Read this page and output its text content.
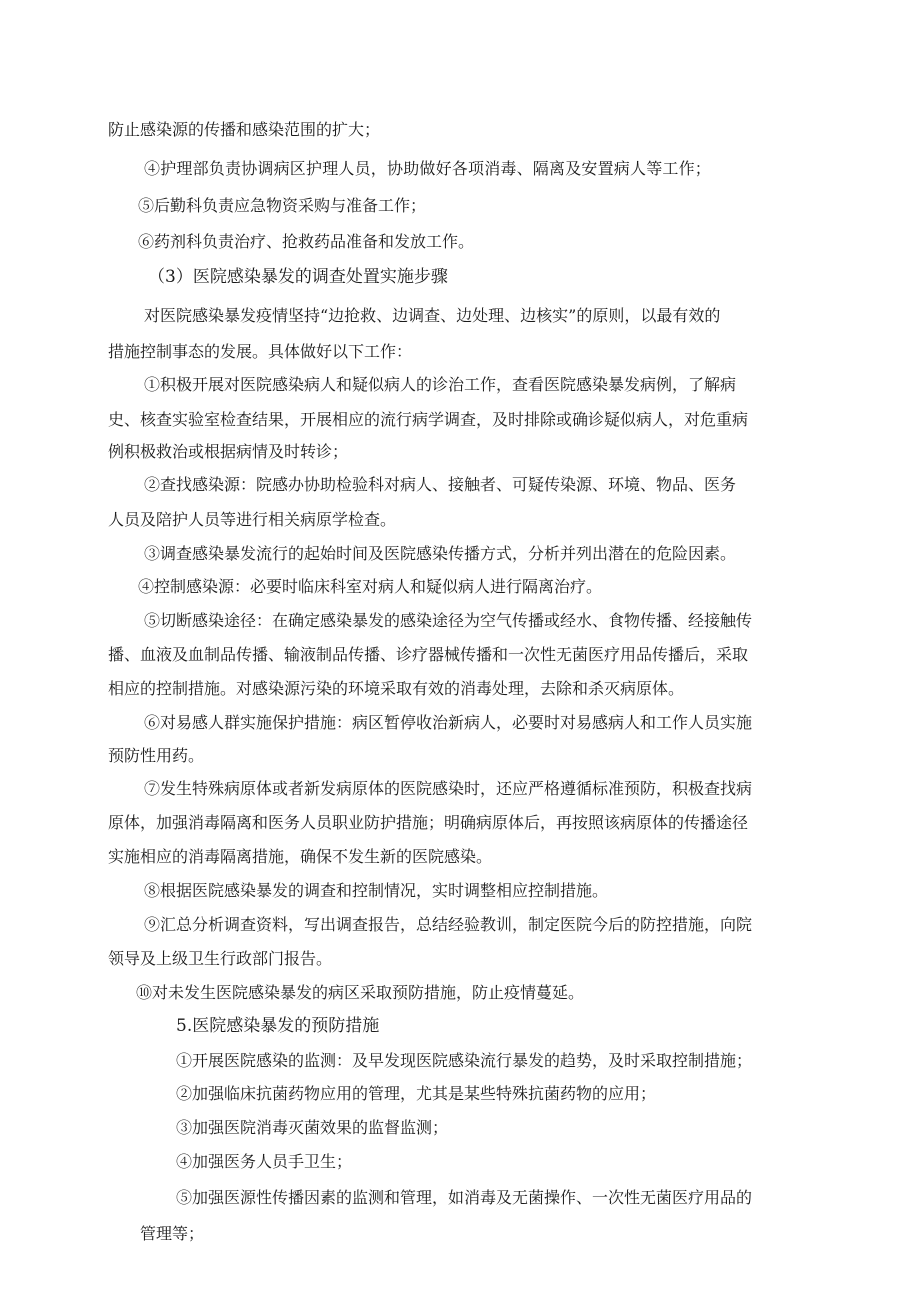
防止感染源的传播和感染范围的扩大；
④护理部负责协调病区护理人员，协助做好各项消毒、隔离及安置病人等工作；
⑤后勤科负责应急物资采购与准备工作；
⑥药剂科负责治疗、抢救药品准备和发放工作。
（3）医院感染暴发的调查处置实施步骤
对医院感染暴发疫情坚持“边抢救、边调查、边处理、边核实”的原则，以最有效的
措施控制事态的发展。具体做好以下工作：
①积极开展对医院感染病人和疑似病人的诊治工作，查看医院感染暴发病例，了解病
史、核查实验室检查结果，开展相应的流行病学调查，及时排除或确诊疑似病人，对危重病
例积极救治或根据病情及时转诊；
②查找感染源：院感办协助检验科对病人、接触者、可疑传染源、环境、物品、医务
人员及陪护人员等进行相关病原学检查。
③调查感染暴发流行的起始时间及医院感染传播方式，分析并列出潜在的危险因素。
④控制感染源：必要时临床科室对病人和疑似病人进行隔离治疗。
⑤切断感染途径：在确定感染暴发的感染途径为空气传播或经水、食物传播、经接触传
播、血液及血制品传播、输液制品传播、诊疗器械传播和一次性无菌医疗用品传播后，采取
相应的控制措施。对感染源污染的环境采取有效的消毒处理，去除和杀灭病原体。
⑥对易感人群实施保护措施：病区暂停收治新病人，必要时对易感病人和工作人员实施
预防性用药。
⑦发生特殊病原体或者新发病原体的医院感染时，还应严格遵循标准预防，积极查找病
原体，加强消毒隔离和医务人员职业防护措施；明确病原体后，再按照该病原体的传播途径
实施相应的消毒隔离措施，确保不发生新的医院感染。
⑧根据医院感染暴发的调查和控制情况，实时调整相应控制措施。
⑨汇总分析调查资料，写出调查报告，总结经验教训，制定医院今后的防控措施，向院
领导及上级卫生行政部门报告。
⑩对未发生医院感染暴发的病区采取预防措施，防止疫情蔓延。
5.医院感染暴发的预防措施
①开展医院感染的监测：及早发现医院感染流行暴发的趋势，及时采取控制措施；
②加强临床抗菌药物应用的管理，尤其是某些特殊抗菌药物的应用；
③加强医院消毒灭菌效果的监督监测；
④加强医务人员手卫生；
⑤加强医源性传播因素的监测和管理，如消毒及无菌操作、一次性无菌医疗用品的
管理等；
